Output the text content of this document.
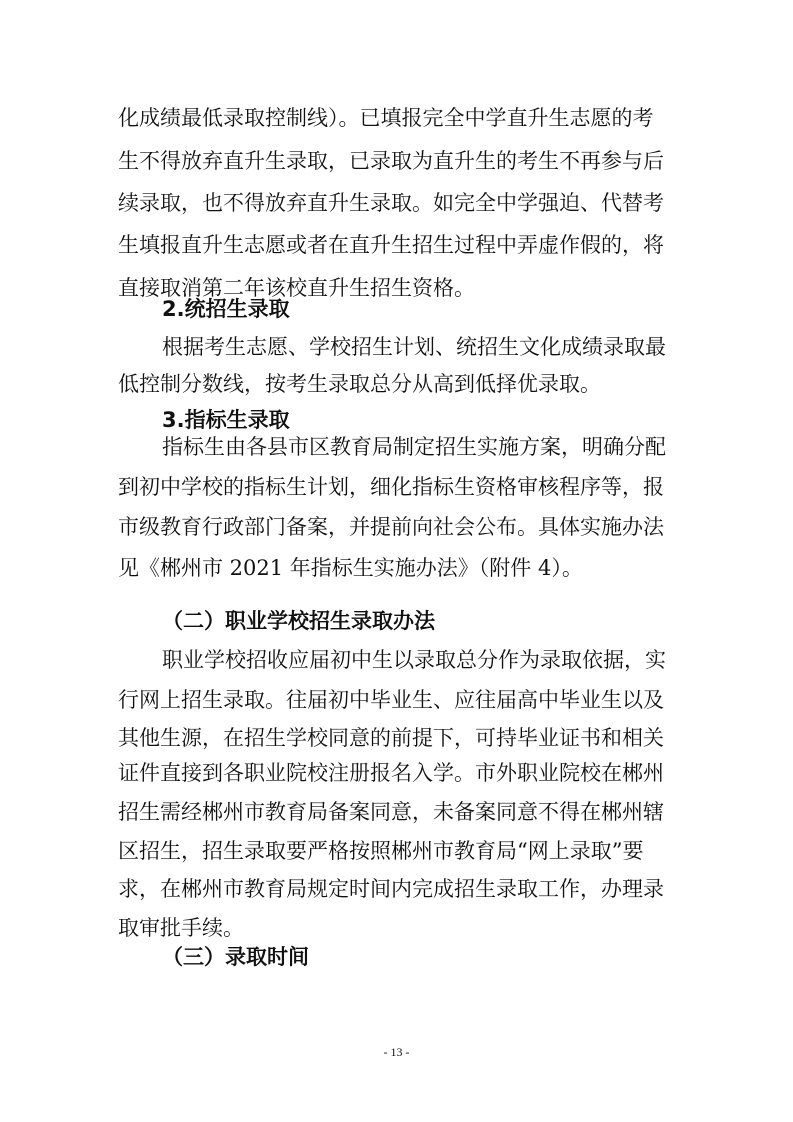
化成绩最低录取控制线）。已填报完全中学直升生志愿的考
生不得放弃直升生录取，已录取为直升生的考生不再参与后
续录取，也不得放弃直升生录取。如完全中学强迫、代替考
生填报直升生志愿或者在直升生招生过程中弄虚作假的，将
直接取消第二年该校直升生招生资格。
2.统招生录取
根据考生志愿、学校招生计划、统招生文化成绩录取最
低控制分数线，按考生录取总分从高到低择优录取。
3.指标生录取
指标生由各县市区教育局制定招生实施方案，明确分配
到初中学校的指标生计划，细化指标生资格审核程序等，报
市级教育行政部门备案，并提前向社会公布。具体实施办法
见《郴州市 2021 年指标生实施办法》（附件 4）。
（二）职业学校招生录取办法
职业学校招收应届初中生以录取总分作为录取依据，实
行网上招生录取。往届初中毕业生、应往届高中毕业生以及
其他生源，在招生学校同意的前提下，可持毕业证书和相关
证件直接到各职业院校注册报名入学。市外职业院校在郴州
招生需经郴州市教育局备案同意，未备案同意不得在郴州辖
区招生，招生录取要严格按照郴州市教育局“网上录取”要
求，在郴州市教育局规定时间内完成招生录取工作，办理录
取审批手续。
（三）录取时间
- 13 -
